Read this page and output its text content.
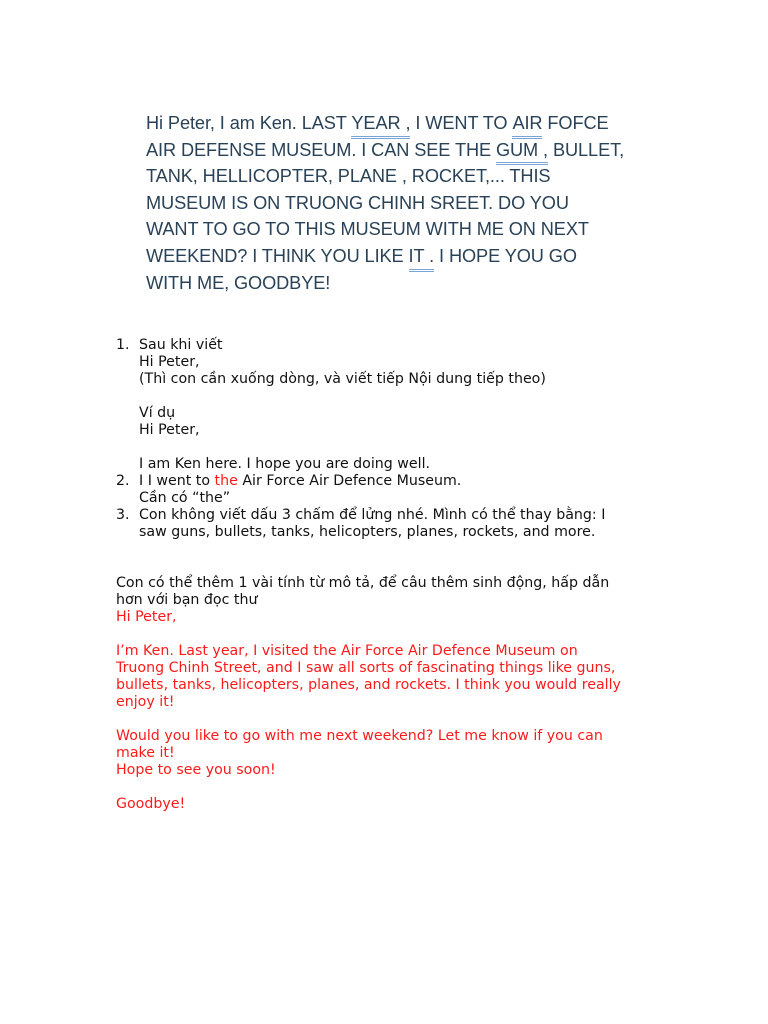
Hi Peter, I am Ken. LAST YEAR , I WENT TO AIR FOFCE
AIR DEFENSE MUSEUM. I CAN SEE THE GUM , BULLET,
TANK, HELLICOPTER, PLANE , ROCKET,... THIS
MUSEUM IS ON TRUONG CHINH SREET. DO YOU
WANT TO GO TO THIS MUSEUM WITH ME ON NEXT
WEEKEND? I THINK YOU LIKE IT . I HOPE YOU GO
WITH ME, GOODBYE!
1. Sau khi viết
Hi Peter,
(Thì con cần xuống dòng, và viết tiếp Nội dung tiếp theo)
Ví dụ
Hi Peter,
I am Ken here. I hope you are doing well.
2. I I went to the Air Force Air Defence Museum.
Cần có “the”
3. Con không viết dấu 3 chấm để lửng nhé. Mình có thể thay bằng: I
saw guns, bullets, tanks, helicopters, planes, rockets, and more.
Con có thể thêm 1 vài tính từ mô tả, để câu thêm sinh động, hấp dẫn
hơn với bạn đọc thư
Hi Peter,
I’m Ken. Last year, I visited the Air Force Air Defence Museum on
Truong Chinh Street, and I saw all sorts of fascinating things like guns,
bullets, tanks, helicopters, planes, and rockets. I think you would really
enjoy it!
Would you like to go with me next weekend? Let me know if you can
make it!
Hope to see you soon!
Goodbye!
